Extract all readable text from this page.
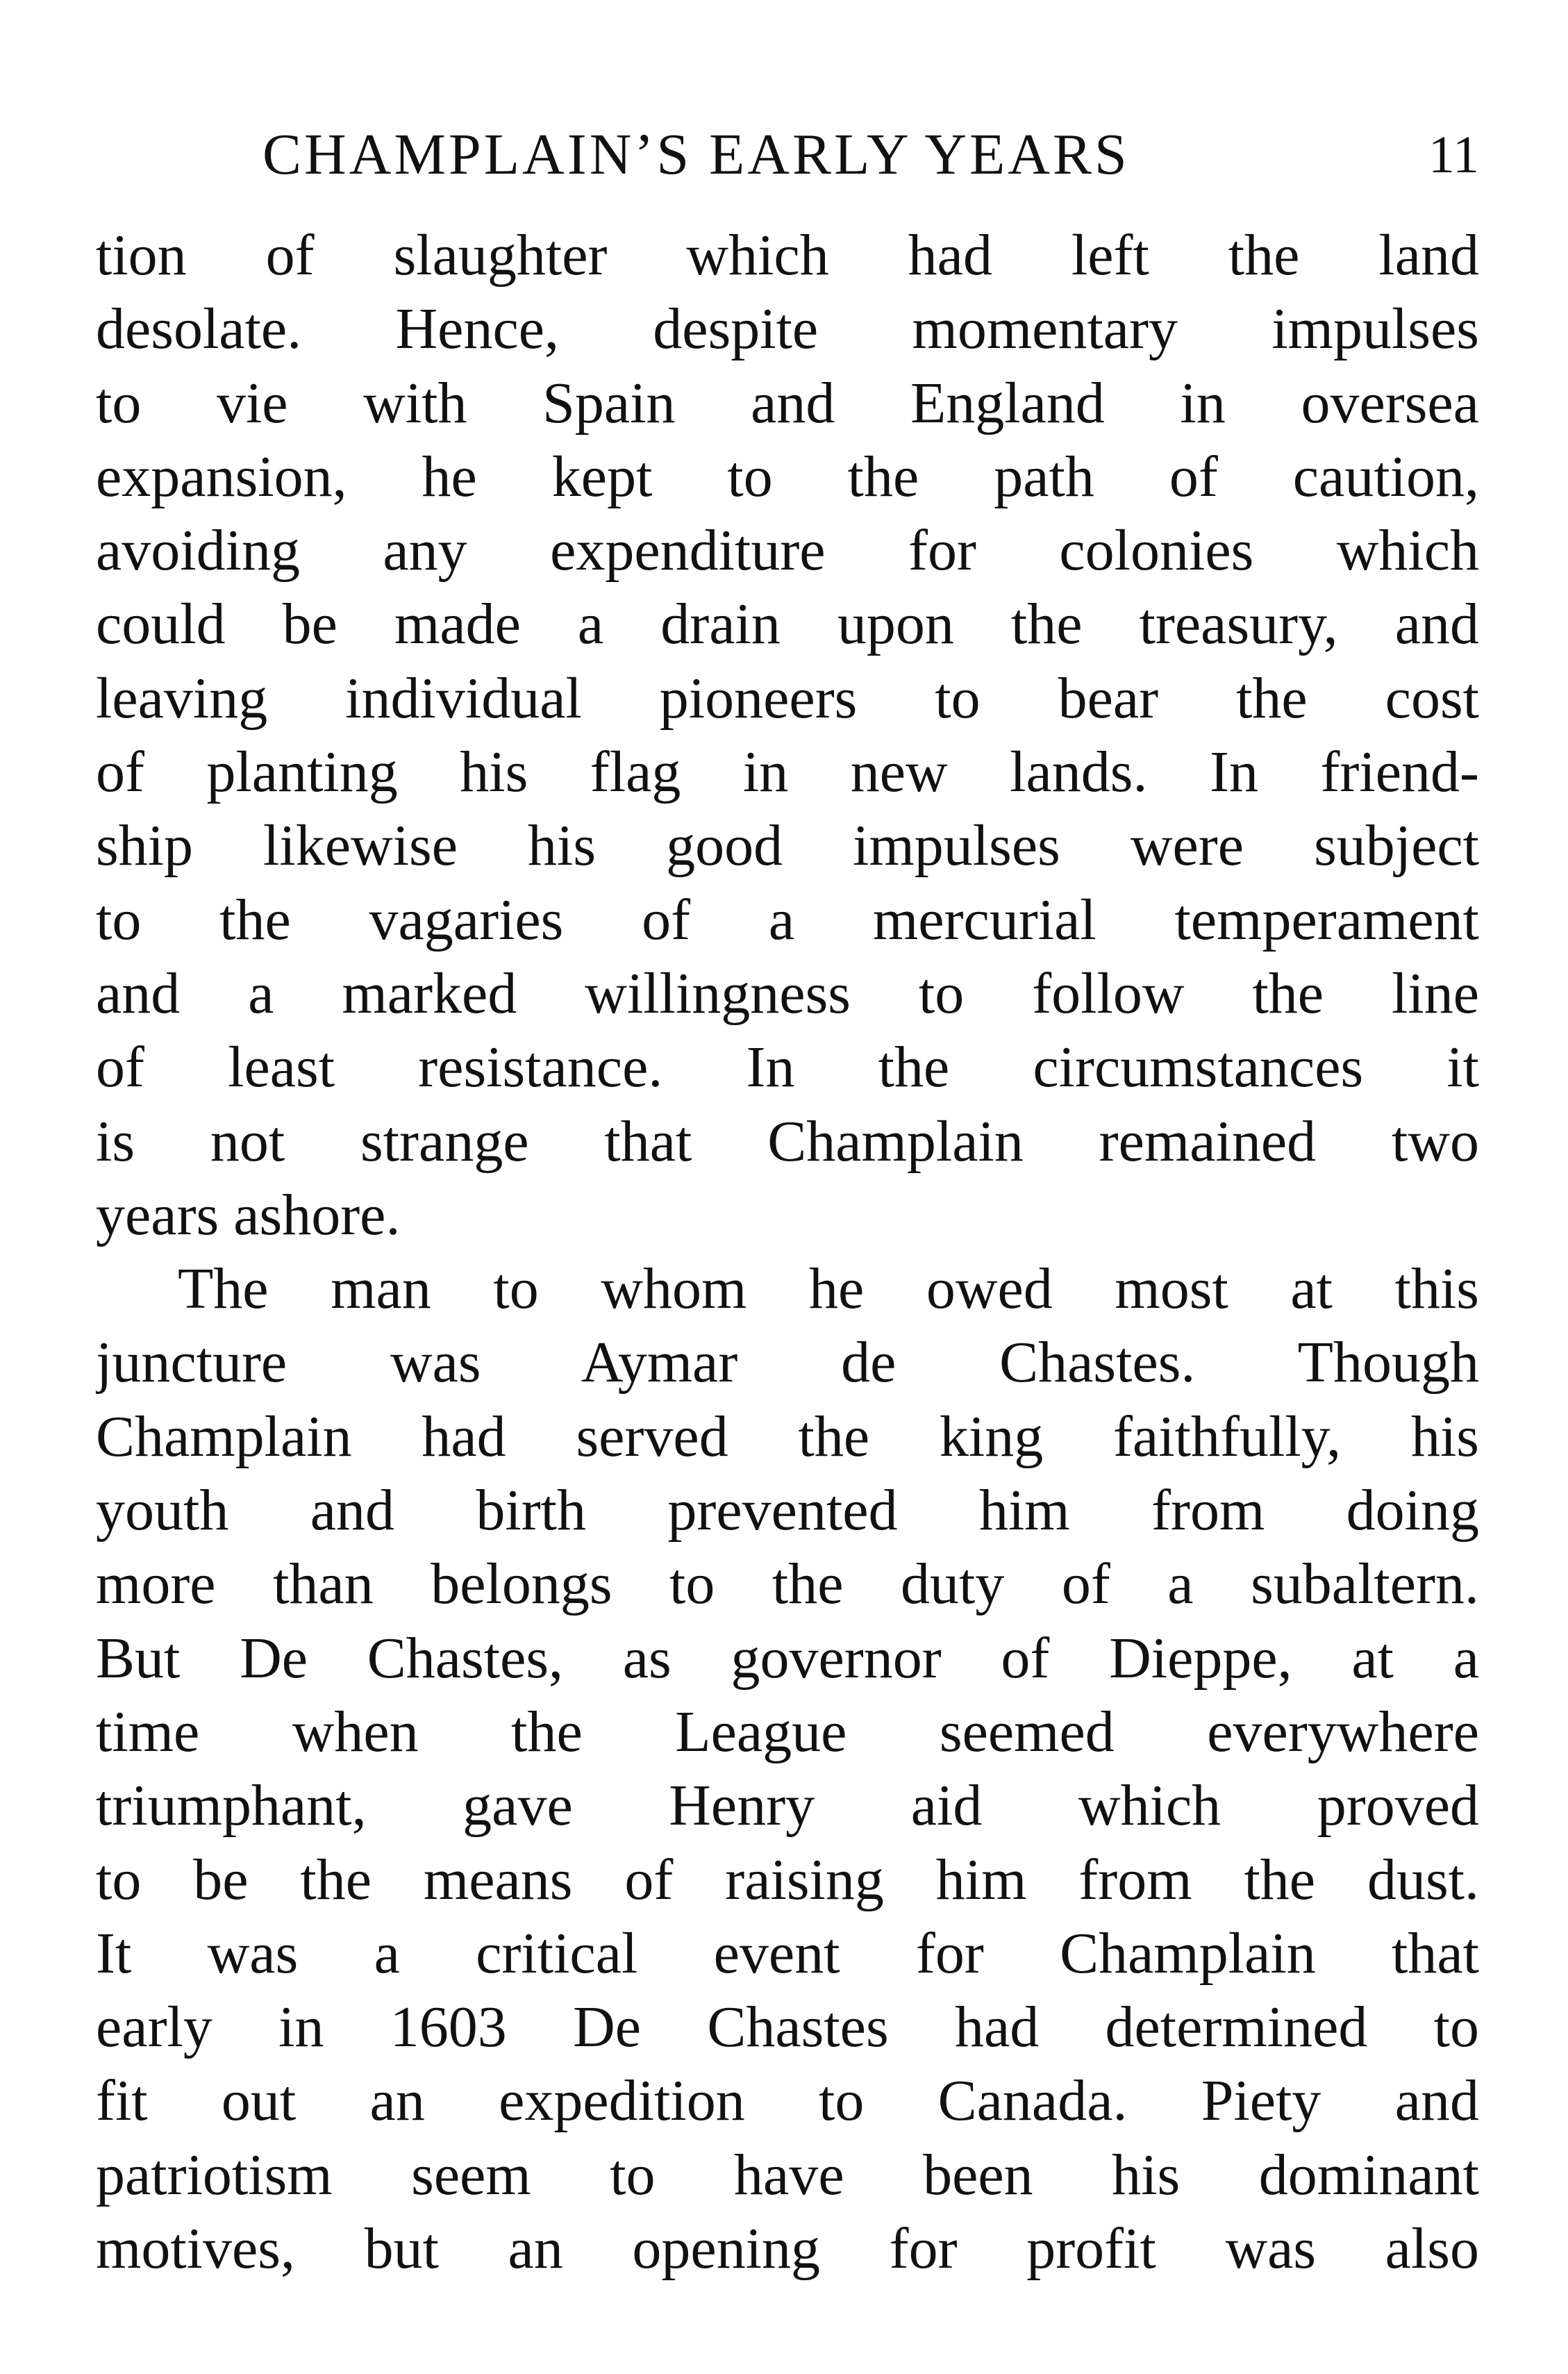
CHAMPLAIN’S EARLY YEARS	11
tion of slaughter which had left the land
desolate. Hence, despite momentary impulses
to vie with Spain and England in oversea
expansion, he kept to the path of caution,
avoiding any expenditure for colonies which
could be made a drain upon the treasury, and
leaving individual pioneers to bear the cost
of planting his flag in new lands. In friend-
ship likewise his good impulses were subject
to the vagaries of a mercurial temperament
and a marked willingness to follow the line
of least resistance. In the circumstances it
is not strange that Champlain remained two
years ashore.
The man to whom he owed most at this
juncture was Aymar de Chastes. Though
Champlain had served the king faithfully, his
youth and birth prevented him from doing
more than belongs to the duty of a subaltern.
But De Chastes, as governor of Dieppe, at a
time when the League seemed everywhere
triumphant, gave Henry aid which proved
to be the means of raising him from the dust.
It was a critical event for Champlain that
early in 1603 De Chastes had determined to
fit out an expedition to Canada. Piety and
patriotism seem to have been his dominant
motives, but an opening for profit was also
